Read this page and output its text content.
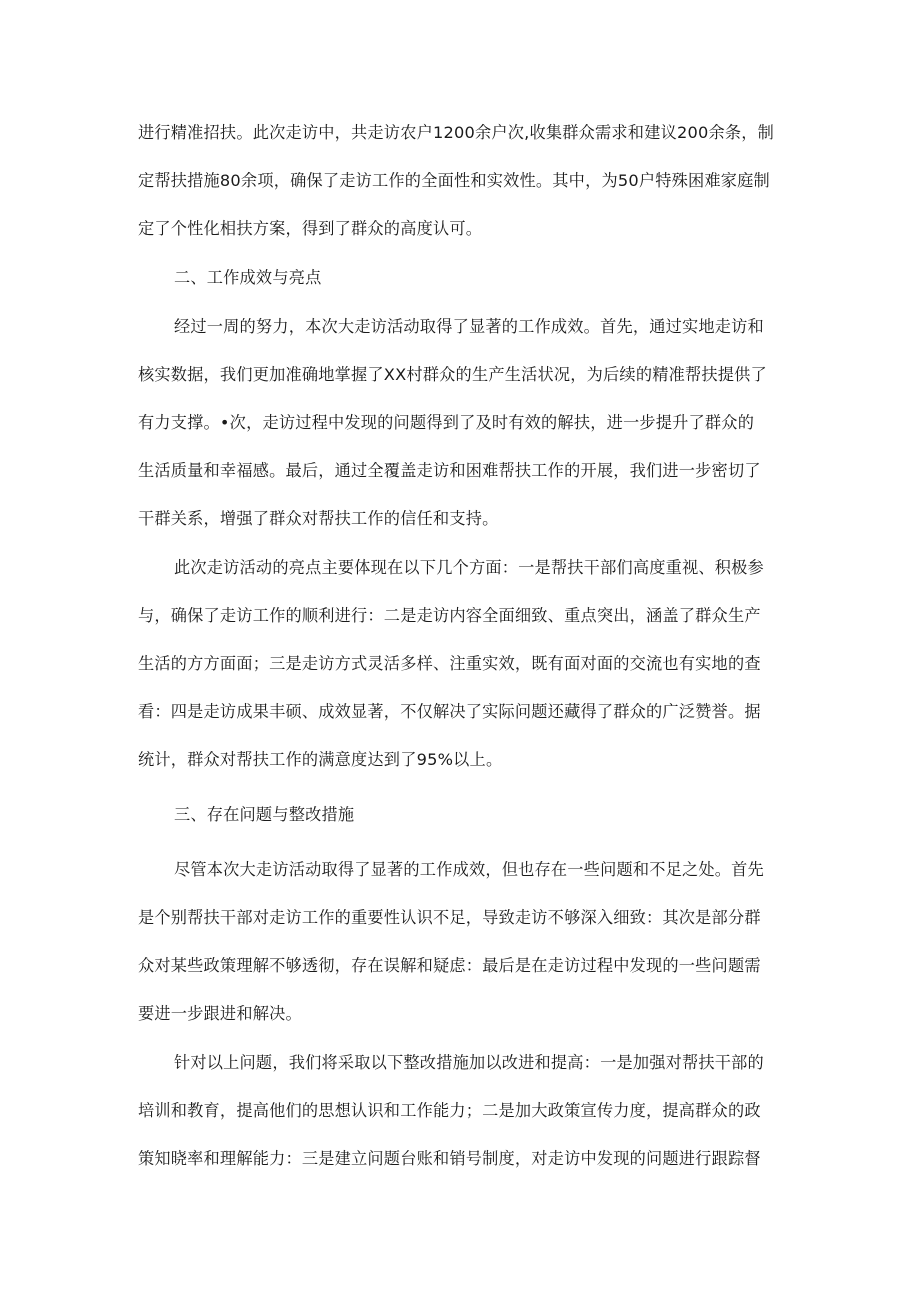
进行精准招扶。此次走访中，共走访农户1200余户次,收集群众需求和建议200余条，制
定帮扶措施80余项，确保了走访工作的全面性和实效性。其中，为50户特殊困难家庭制
定了个性化相扶方案，得到了群众的高度认可。
二、工作成效与亮点
经过一周的努力，本次大走访活动取得了显著的工作成效。首先，通过实地走访和
核实数据，我们更加准确地掌握了XX村群众的生产生活状况，为后续的精准帮扶提供了
有力支撑。•次，走访过程中发现的问题得到了及时有效的解扶，进一步提升了群众的
生活质量和幸福感。最后，通过全覆盖走访和困难帮扶工作的开展，我们进一步密切了
干群关系，增强了群众对帮扶工作的信任和支持。
此次走访活动的亮点主要体现在以下几个方面：一是帮扶干部们高度重视、积极参
与，确保了走访工作的顺利进行：二是走访内容全面细致、重点突出，涵盖了群众生产
生活的方方面面；三是走访方式灵活多样、注重实效，既有面对面的交流也有实地的查
看：四是走访成果丰硕、成效显著，不仅解决了实际问题还藏得了群众的广泛赞誉。据
统计，群众对帮扶工作的满意度达到了95%以上。
三、存在问题与整改措施
尽管本次大走访活动取得了显著的工作成效，但也存在一些问题和不足之处。首先
是个别帮扶干部对走访工作的重要性认识不足，导致走访不够深入细致：其次是部分群
众对某些政策理解不够透彻，存在误解和疑虑：最后是在走访过程中发现的一些问题需
要进一步跟进和解决。
针对以上问题，我们将采取以下整改措施加以改进和提高：一是加强对帮扶干部的
培训和教育，提高他们的思想认识和工作能力；二是加大政策宣传力度，提高群众的政
策知晓率和理解能力：三是建立问题台账和销号制度，对走访中发现的问题进行跟踪督
